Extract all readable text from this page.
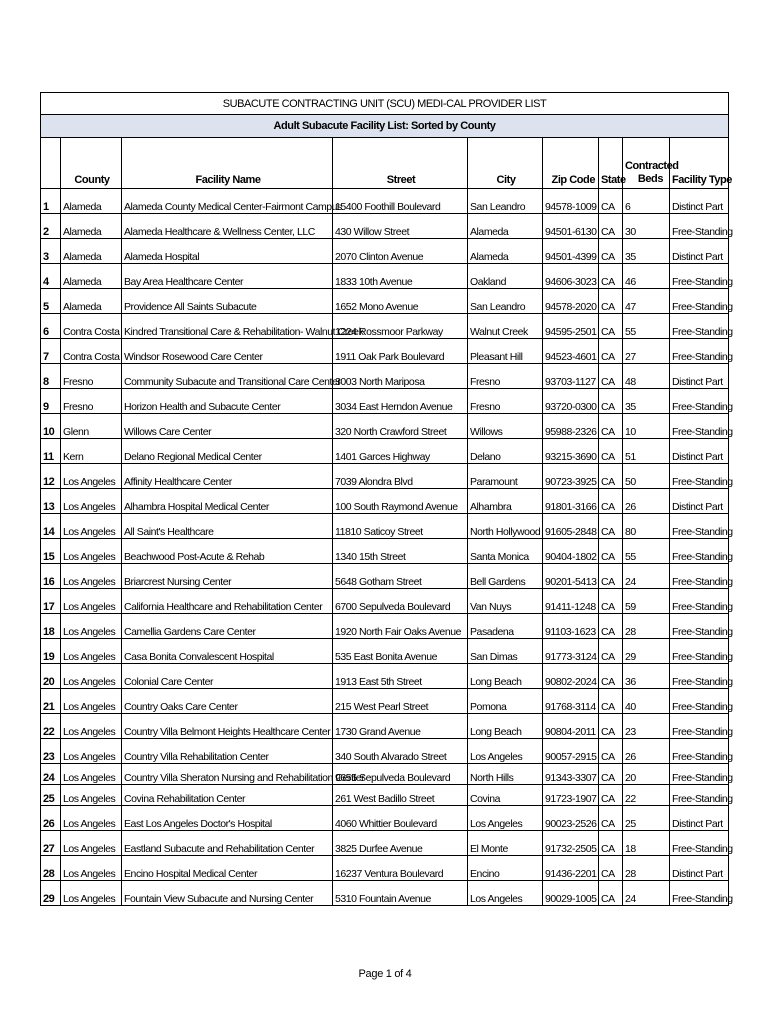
SUBACUTE CONTRACTING UNIT (SCU) MEDI-CAL PROVIDER LIST								
Adult Subacute Facility List: Sorted by County								
	County	Facility Name	Street	City	Zip Code	State	Contracted Beds	Facility Type
1	Alameda	Alameda County Medical Center-Fairmont Campus	15400 Foothill Boulevard	San Leandro	94578-1009	CA	6	Distinct Part
2	Alameda	Alameda Healthcare & Wellness Center, LLC	430 Willow Street	Alameda	94501-6130	CA	30	Free-Standing
3	Alameda	Alameda Hospital	2070 Clinton Avenue	Alameda	94501-4399	CA	35	Distinct Part
4	Alameda	Bay Area Healthcare Center	1833 10th Avenue	Oakland	94606-3023	CA	46	Free-Standing
5	Alameda	Providence All Saints Subacute	1652 Mono Avenue	San Leandro	94578-2020	CA	47	Free-Standing
6	Contra Costa	Kindred Transitional Care & Rehabilitation- Walnut Creek	1224 Rossmoor Parkway	Walnut Creek	94595-2501	CA	55	Free-Standing
7	Contra Costa	Windsor Rosewood Care Center	1911 Oak Park Boulevard	Pleasant Hill	94523-4601	CA	27	Free-Standing
8	Fresno	Community Subacute and Transitional Care Center	3003 North Mariposa	Fresno	93703-1127	CA	48	Distinct Part
9	Fresno	Horizon Health and Subacute Center	3034 East Herndon Avenue	Fresno	93720-0300	CA	35	Free-Standing
10	Glenn	Willows Care Center	320 North Crawford Street	Willows	95988-2326	CA	10	Free-Standing
11	Kern	Delano Regional Medical Center	1401 Garces Highway	Delano	93215-3690	CA	51	Distinct Part
12	Los Angeles	Affinity Healthcare Center	7039 Alondra Blvd	Paramount	90723-3925	CA	50	Free-Standing
13	Los Angeles	Alhambra Hospital Medical Center	100 South Raymond Avenue	Alhambra	91801-3166	CA	26	Distinct Part
14	Los Angeles	All Saint's Healthcare	11810 Saticoy Street	North Hollywood	91605-2848	CA	80	Free-Standing
15	Los Angeles	Beachwood Post-Acute & Rehab	1340 15th Street	Santa Monica	90404-1802	CA	55	Free-Standing
16	Los Angeles	Briarcrest Nursing Center	5648 Gotham Street	Bell Gardens	90201-5413	CA	24	Free-Standing
17	Los Angeles	California Healthcare and Rehabilitation Center	6700 Sepulveda Boulevard	Van Nuys	91411-1248	CA	59	Free-Standing
18	Los Angeles	Camellia Gardens Care Center	1920 North Fair Oaks Avenue	Pasadena	91103-1623	CA	28	Free-Standing
19	Los Angeles	Casa Bonita Convalescent Hospital	535 East Bonita Avenue	San Dimas	91773-3124	CA	29	Free-Standing
20	Los Angeles	Colonial Care Center	1913 East 5th Street	Long Beach	90802-2024	CA	36	Free-Standing
21	Los Angeles	Country Oaks Care Center	215 West Pearl Street	Pomona	91768-3114	CA	40	Free-Standing
22	Los Angeles	Country Villa Belmont Heights Healthcare Center	1730 Grand Avenue	Long Beach	90804-2011	CA	23	Free-Standing
23	Los Angeles	Country Villa Rehabilitation Center	340 South Alvarado Street	Los Angeles	90057-2915	CA	26	Free-Standing
24	Los Angeles	Country Villa Sheraton Nursing and Rehabilitation Center	9655 Sepulveda Boulevard	North Hills	91343-3307	CA	20	Free-Standing
25	Los Angeles	Covina Rehabilitation Center	261 West Badillo Street	Covina	91723-1907	CA	22	Free-Standing
26	Los Angeles	East Los Angeles Doctor's Hospital	4060 Whittier Boulevard	Los Angeles	90023-2526	CA	25	Distinct Part
27	Los Angeles	Eastland Subacute and Rehabilitation Center	3825 Durfee Avenue	El Monte	91732-2505	CA	18	Free-Standing
28	Los Angeles	Encino Hospital Medical Center	16237 Ventura Boulevard	Encino	91436-2201	CA	28	Distinct Part
29	Los Angeles	Fountain View Subacute and Nursing Center	5310 Fountain Avenue	Los Angeles	90029-1005	CA	24	Free-Standing
Page 1 of 4
